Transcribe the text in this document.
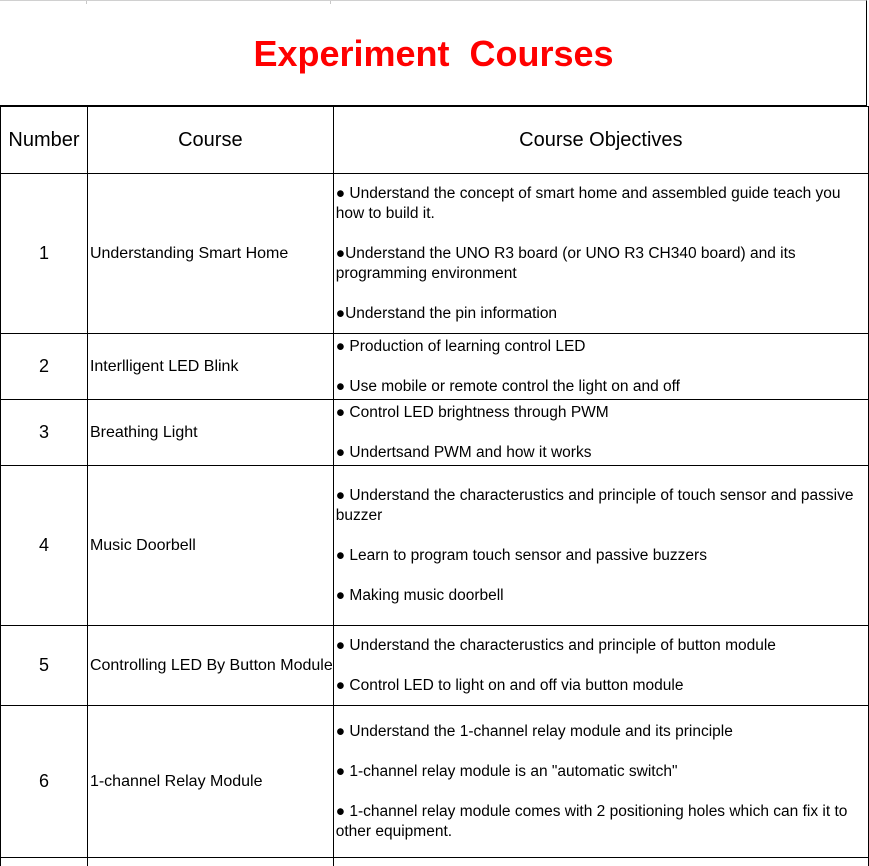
Experiment  Courses
Number	Course	Course Objectives
1	Understanding Smart Home	● Understand the concept of smart home and assembled guide teach you how to build it.
●Understand the UNO R3 board (or UNO R3 CH340 board) and its programming environment
●Understand the pin information

2	Interlligent LED Blink	● Production of learning control LED
● Use mobile or remote control the light on and off

3	Breathing Light	● Control LED brightness through PWM
● Undertsand PWM and how it works

4	Music Doorbell	● Understand the characterustics and principle of touch sensor and passive buzzer
● Learn to program touch sensor and passive buzzers
● Making music doorbell

5	Controlling LED By Button Module	● Understand the characterustics and principle of button module
● Control LED to light on and off via button module

6	1-channel Relay Module	● Understand the 1-channel relay module and its principle
● 1-channel relay module is an "automatic switch"
● 1-channel relay module comes with 2 positioning holes which can fix it to other equipment.
